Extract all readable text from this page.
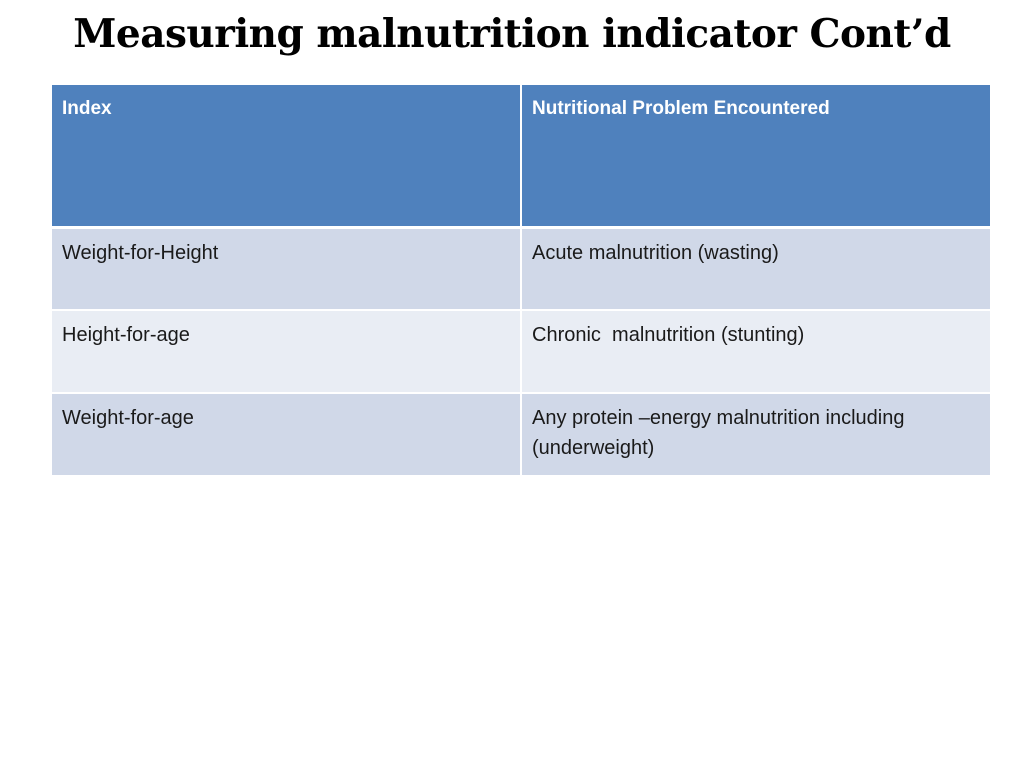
Measuring malnutrition indicator Cont’d
Index	Nutritional Problem Encountered
Weight-for-Height	Acute malnutrition (wasting)
Height-for-age	Chronic  malnutrition (stunting)
Weight-for-age	Any protein –energy malnutrition including (underweight)
